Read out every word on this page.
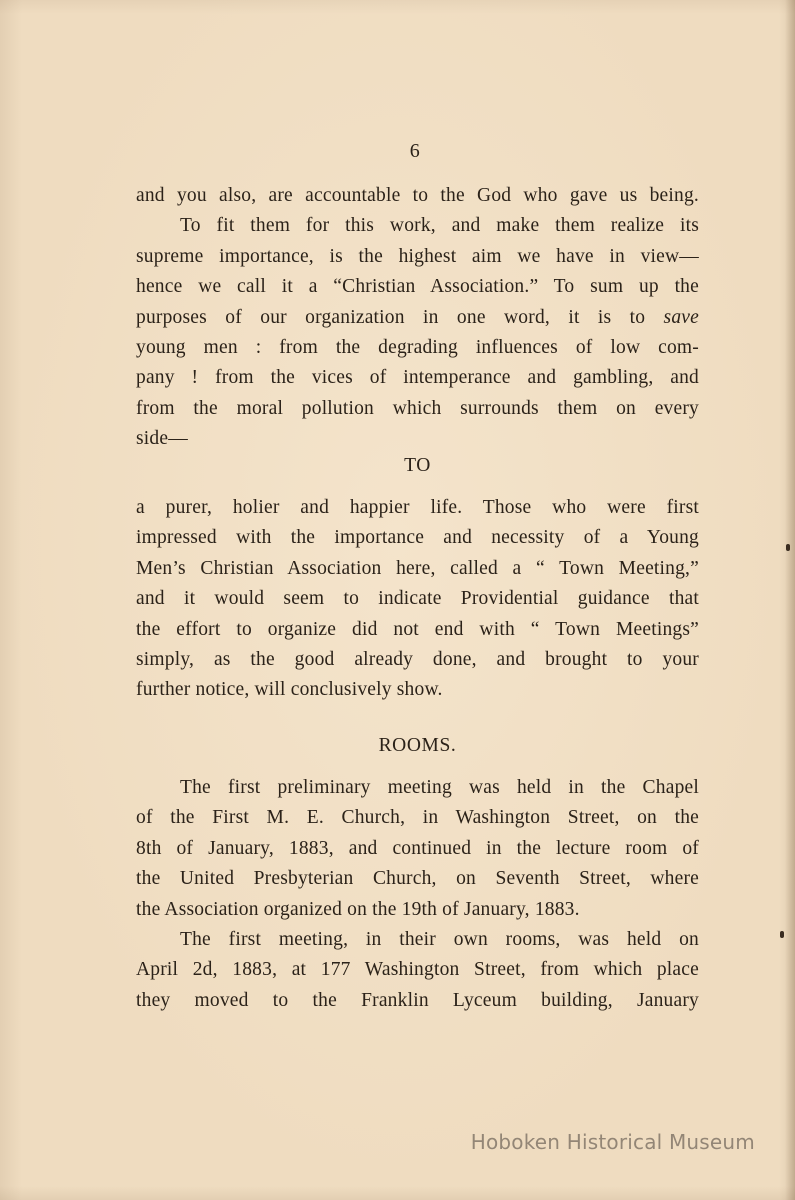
6

and you also, are accountable to the God who gave us being.

To fit them for this work, and make them realize its

supreme importance, is the highest aim we have in view—

hence we call it a “Christian Association.” To sum up the

purposes of our organization in one word, it is to save

young men : from the degrading influences of low com-

pany ! from the vices of intemperance and gambling, and

from the moral pollution which surrounds them on every

side—

TO

a purer, holier and happier life. Those who were first

impressed with the importance and necessity of a Young

Men’s Christian Association here, called a “ Town Meeting,”

and it would seem to indicate Providential guidance that

the effort to organize did not end with “ Town Meetings”

simply, as the good already done, and brought to your

further notice, will conclusively show.

ROOMS.

The first preliminary meeting was held in the Chapel

of the First M. E. Church, in Washington Street, on the

8th of January, 1883, and continued in the lecture room of

the United Presbyterian Church, on Seventh Street, where

the Association organized on the 19th of January, 1883.

The first meeting, in their own rooms, was held on

April 2d, 1883, at 177 Washington Street, from which place

they moved to the Franklin Lyceum building, January

Hoboken Historical Museum
